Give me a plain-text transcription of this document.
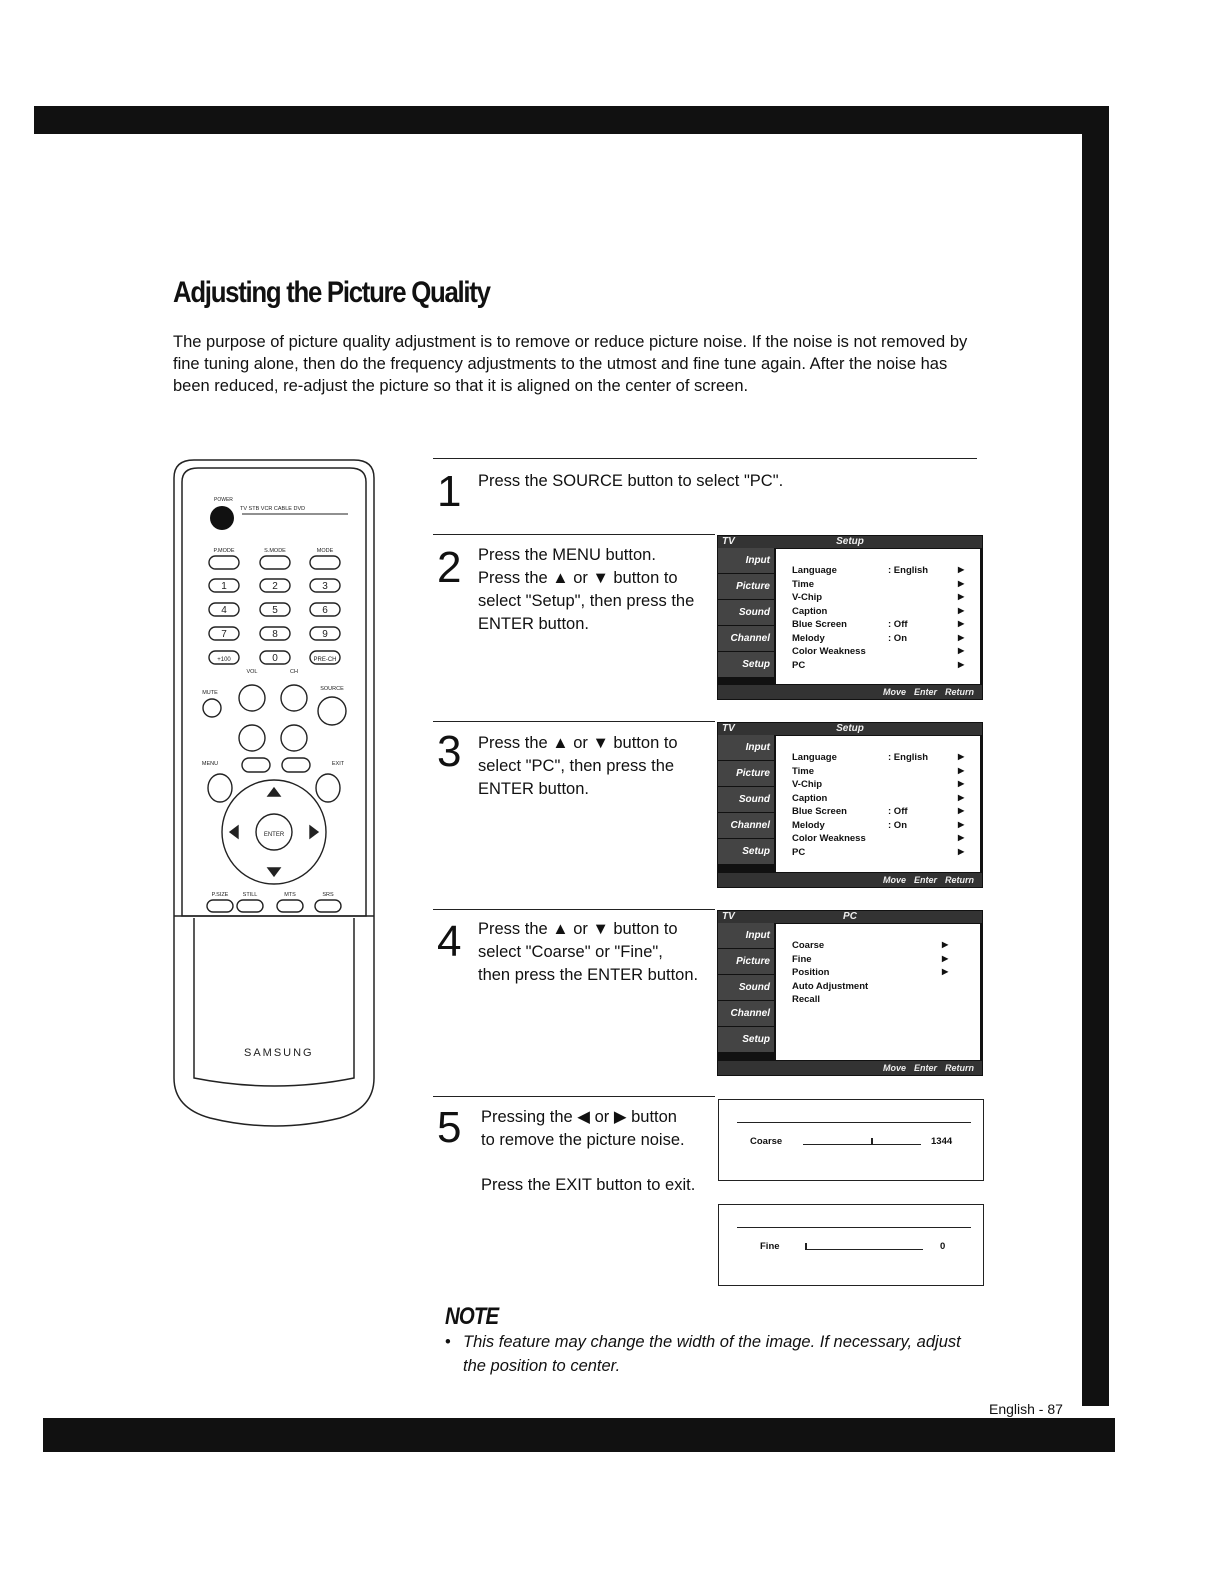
Adjusting the Picture Quality
The purpose of picture quality adjustment is to remove or reduce picture noise. If the noise is not removed by fine tuning alone, then do the frequency adjustments to the utmost and fine tune again. After the noise has been reduced, re-adjust the picture so that it is aligned on the center of screen.
POWER
TV STB VCR CABLE DVD
P.MODE	S.MODE	MODE
1	2	3
4	5	6
7	8	9
+100	0	PRE-CH
VOL	CH
MUTE
SOURCE
ENTER
MENU	EXIT
P.SIZE	STILL	MTS	SRS
SAMSUNG
1 Press the SOURCE button to select "PC".
2 Press the MENU button.
Press the ▲ or ▼ button to
select "Setup", then press the
ENTER button.
3 Press the ▲ or ▼ button to
select "PC", then press the
ENTER button.
4 Press the ▲ or ▼ button to
select "Coarse" or "Fine",
then press the ENTER button.
5 Pressing the ◀ or ▶ button
to remove the picture noise.
Press the EXIT button to exit.
Setup
TV
Input
Picture
Sound
Channel
Setup
Language	: English	▶
Time	▶
V-Chip	▶
Caption	▶
Blue Screen	: Off	▶
Melody	: On	▶
Color Weakness	▶
PC	▶
Move Enter Return
Setup
TV
Input
Picture
Sound
Channel
Setup
Language	: English	▶
Time	▶
V-Chip	▶
Caption	▶
Blue Screen	: Off	▶
Melody	: On	▶
Color Weakness	▶
PC	▶
Move Enter Return
PC
TV
Input
Picture
Sound
Channel
Setup
Coarse	▶
Fine	▶
Position	▶
Auto Adjustment
Recall
Move Enter Return
Coarse	1344
Fine	0
NOTE
• This feature may change the width of the image. If necessary, adjust the position to center.
English - 87
